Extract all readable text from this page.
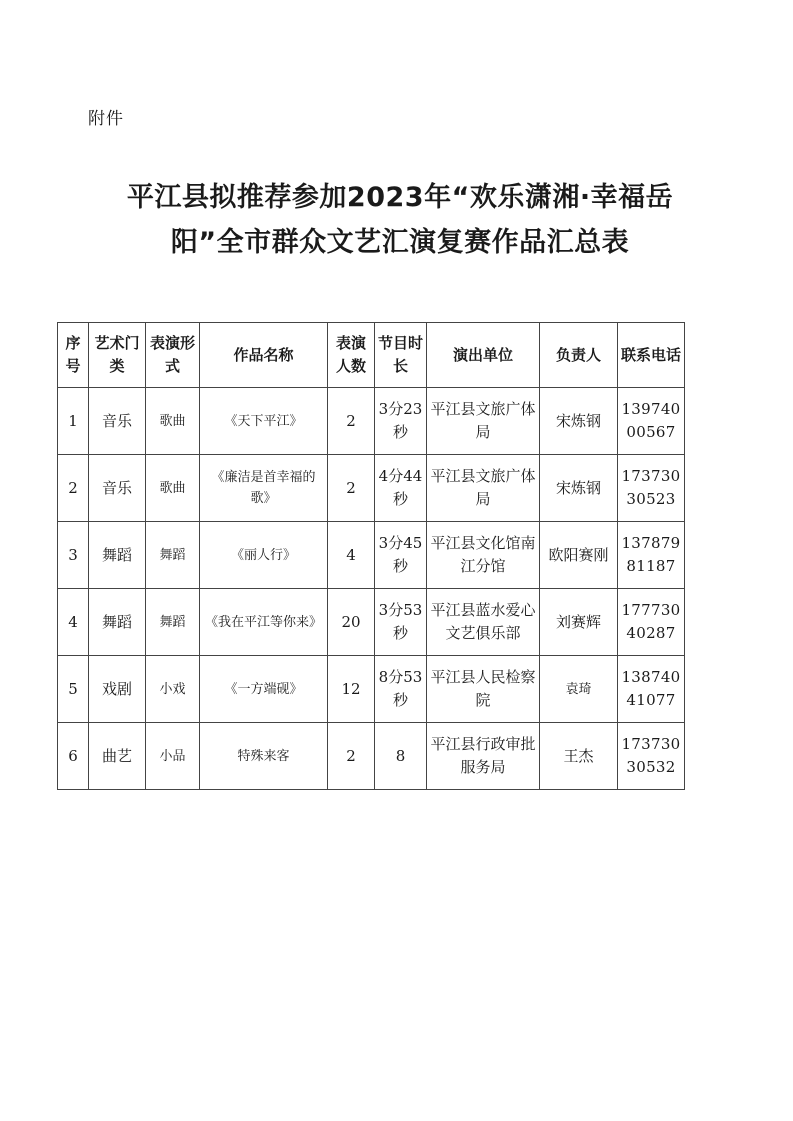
附件
平江县拟推荐参加2023年“欢乐潇湘·幸福岳
阳”全市群众文艺汇演复赛作品汇总表
序号	艺术门类	表演形式	作品名称	表演人数	节目时长	演出单位	负责人	联系电话
1	音乐	歌曲	《天下平江》	2	3分23秒	平江县文旅广体局	宋炼钢	13974000567
2	音乐	歌曲	《廉洁是首幸福的歌》	2	4分44秒	平江县文旅广体局	宋炼钢	17373030523
3	舞蹈	舞蹈	《丽人行》	4	3分45秒	平江县文化馆南江分馆	欧阳赛刚	13787981187
4	舞蹈	舞蹈	《我在平江等你来》	20	3分53秒	平江县蓝水爱心文艺俱乐部	刘赛辉	17773040287
5	戏剧	小戏	《一方端砚》	12	8分53秒	平江县人民检察院	袁琦	13874041077
6	曲艺	小品	特殊来客	2	8	平江县行政审批服务局	王杰	17373030532
